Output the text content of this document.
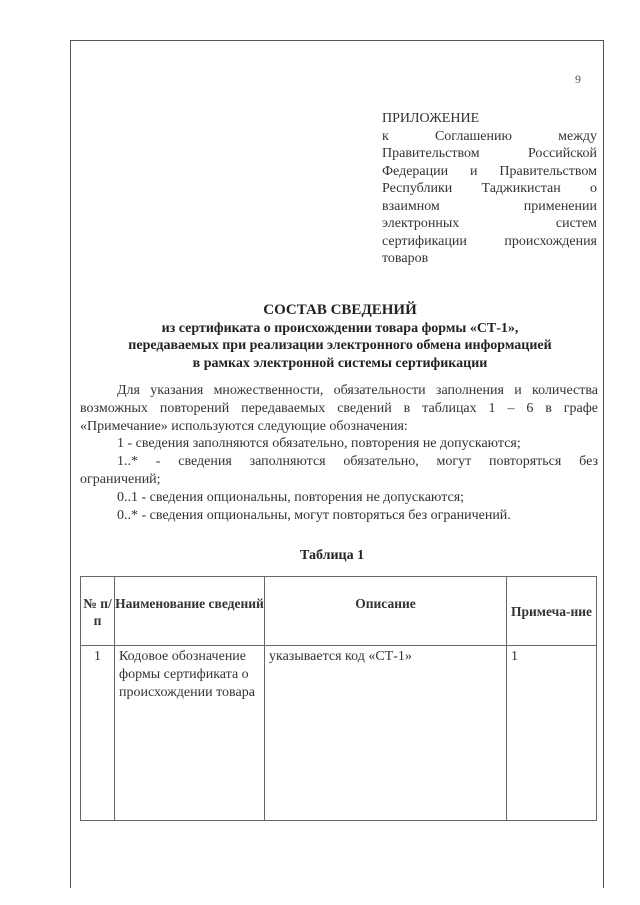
9
ПРИЛОЖЕНИЕ
к Соглашению между
Правительством Российской
Федерации и Правительством
Республики Таджикистан о
взаимном применении
электронных систем
сертификации происхождения
товаров
СОСТАВ СВЕДЕНИЙ
из сертификата о происхождении товара формы «СТ-1»,
передаваемых при реализации электронного обмена информацией
в рамках электронной системы сертификации

Для указания множественности, обязательности заполнения и количества возможных повторений передаваемых сведений в таблицах 1 – 6 в графе «Примечание» используются следующие обозначения:

1 - сведения заполняются обязательно, повторения не допускаются;

1..* - сведения заполняются обязательно, могут повторяться без

ограничений;

0..1 - сведения опциональны, повторения не допускаются;

0..* - сведения опциональны, могут повторяться без ограничений.

Таблица 1
№ п/п	Наименование сведений	Описание	Примеча-ние
1	Кодовое обозначение формы сертификата о происхождении товара	указывается код «СТ-1»	1
